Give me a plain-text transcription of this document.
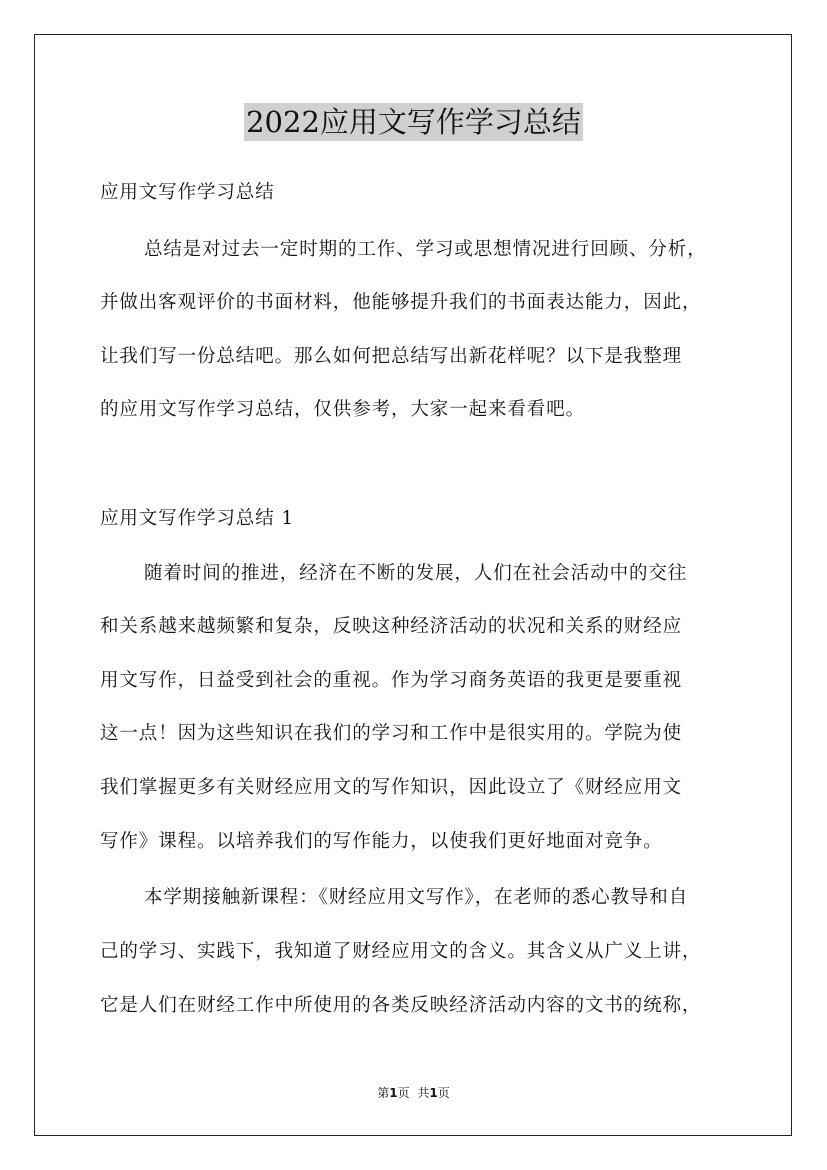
2022应用文写作学习总结
应用文写作学习总结
总结是对过去一定时期的工作、学习或思想情况进行回顾、分析，
并做出客观评价的书面材料，他能够提升我们的书面表达能力，因此，
让我们写一份总结吧。那么如何把总结写出新花样呢？以下是我整理
的应用文写作学习总结，仅供参考，大家一起来看看吧。
应用文写作学习总结 1
随着时间的推进，经济在不断的发展，人们在社会活动中的交往
和关系越来越频繁和复杂，反映这种经济活动的状况和关系的财经应
用文写作，日益受到社会的重视。作为学习商务英语的我更是要重视
这一点！因为这些知识在我们的学习和工作中是很实用的。学院为使
我们掌握更多有关财经应用文的写作知识，因此设立了《财经应用文
写作》课程。以培养我们的写作能力，以使我们更好地面对竞争。
本学期接触新课程：《财经应用文写作》，在老师的悉心教导和自
己的学习、实践下，我知道了财经应用文的含义。其含义从广义上讲，
它是人们在财经工作中所使用的各类反映经济活动内容的文书的统称，
第1页 共1页
